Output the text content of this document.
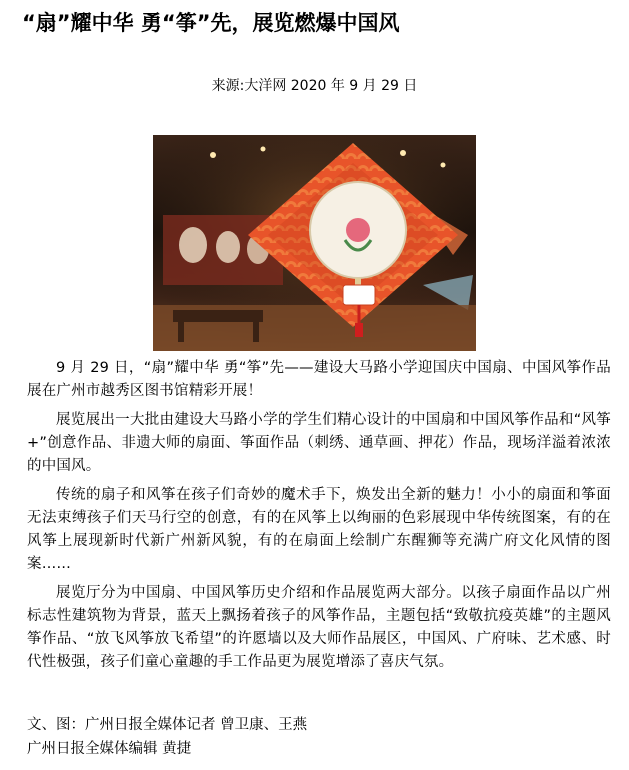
“扇”耀中华 勇“筝”先，展览燃爆中国风
来源:大洋网 2020 年 9 月 29 日

9 月 29 日，“扇”耀中华 勇“筝”先——建设大马路小学迎国庆中国扇、中国风筝作品展在广州市越秀区图书馆精彩开展！

展览展出一大批由建设大马路小学的学生们精心设计的中国扇和中国风筝作品和“风筝+”创意作品、非遗大师的扇面、筝面作品（刺绣、通草画、押花）作品，现场洋溢着浓浓的中国风。

传统的扇子和风筝在孩子们奇妙的魔术手下，焕发出全新的魅力！小小的扇面和筝面无法束缚孩子们天马行空的创意，有的在风筝上以绚丽的色彩展现中华传统图案，有的在风筝上展现新时代新广州新风貌，有的在扇面上绘制广东醒狮等充满广府文化风情的图案……

展览厅分为中国扇、中国风筝历史介绍和作品展览两大部分。以孩子扇面作品以广州标志性建筑物为背景，蓝天上飘扬着孩子的风筝作品，主题包括“致敬抗疫英雄”的主题风筝作品、“放飞风筝放飞希望”的许愿墙以及大师作品展区，中国风、广府味、艺术感、时代性极强，孩子们童心童趣的手工作品更为展览增添了喜庆气氛。

文、图：广州日报全媒体记者 曾卫康、王燕
广州日报全媒体编辑 黄捷
